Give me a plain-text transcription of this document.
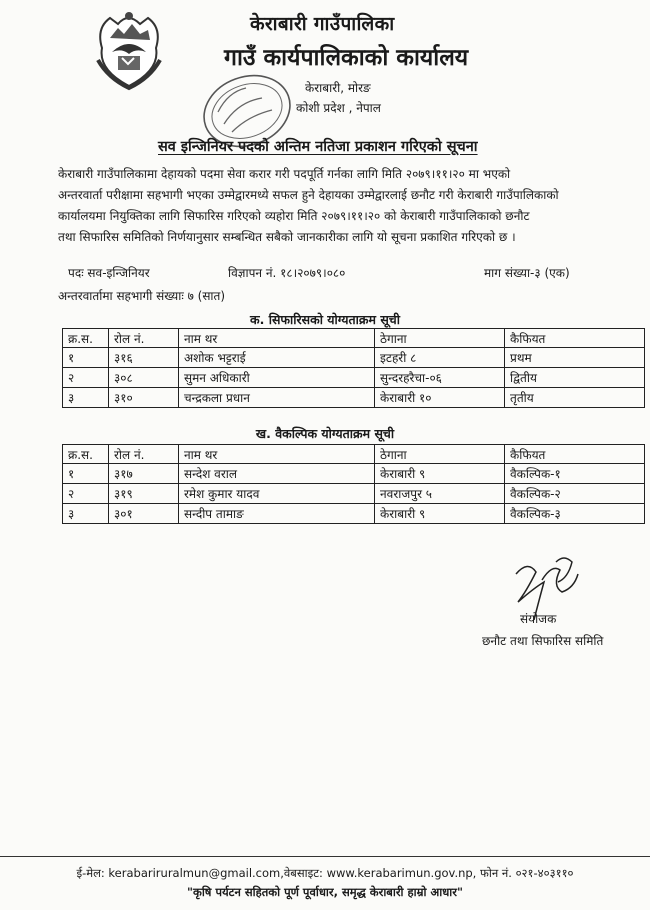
केराबारी गाउँपालिका
गाउँ कार्यपालिकाको कार्यालय
केराबारी, मोरङ
कोशी प्रदेश , नेपाल
सव इन्जिनियर पदको अन्तिम नतिजा प्रकाशन गरिएको सूचना
केराबारी गाउँपालिकामा देहायको पदमा सेवा करार गरी पदपूर्ति गर्नका लागि मिति २०७९।११।२० मा भएको
अन्तरवार्ता परीक्षामा सहभागी भएका उम्मेद्वारमध्ये सफल हुने देहायका उम्मेद्वारलाई छनौट गरी केराबारी गाउँपालिकाको
कार्यालयमा नियुक्तिका लागि सिफारिस गरिएको व्यहोरा मिति २०७९।११।२० को केराबारी गाउँपालिकाको छनौट
तथा सिफारिस समितिको निर्णयानुसार सम्बन्धित सबैको जानकारीका लागि यो सूचना प्रकाशित गरिएको छ ।
पदः सव-इन्जिनियर	विज्ञापन नं. १८।२०७९।०८०	माग संख्या-३ (एक)
अन्तरवार्तामा सहभागी संख्याः ७ (सात)
क. सिफारिसको योग्यताक्रम सूची
क्र.स.	रोल नं.	नाम थर	ठेगाना	कैफियत
१	३१६	अशोक भट्टराई	इटहरी ८	प्रथम
२	३०८	सुमन अधिकारी	सुन्दरहरैचा-०६	द्वितीय
३	३१०	चन्द्रकला प्रधान	केराबारी १०	तृतीय
ख. वैकल्पिक योग्यताक्रम सूची
क्र.स.	रोल नं.	नाम थर	ठेगाना	कैफियत
१	३१७	सन्देश वराल	केराबारी ९	वैकल्पिक-१
२	३१९	रमेश कुमार यादव	नवराजपुर ५	वैकल्पिक-२
३	३०१	सन्दीप तामाङ	केराबारी ९	वैकल्पिक-३
संयोजक
छनौट तथा सिफारिस समिति
ई-मेल: kerabariruralmun@gmail.com,वेबसाइट: www.kerabarimun.gov.np, फोन नं. ०२१-४०३११०
"कृषि पर्यटन सहितको पूर्ण पूर्वाधार, समृद्ध केराबारी हाम्रो आधार"
